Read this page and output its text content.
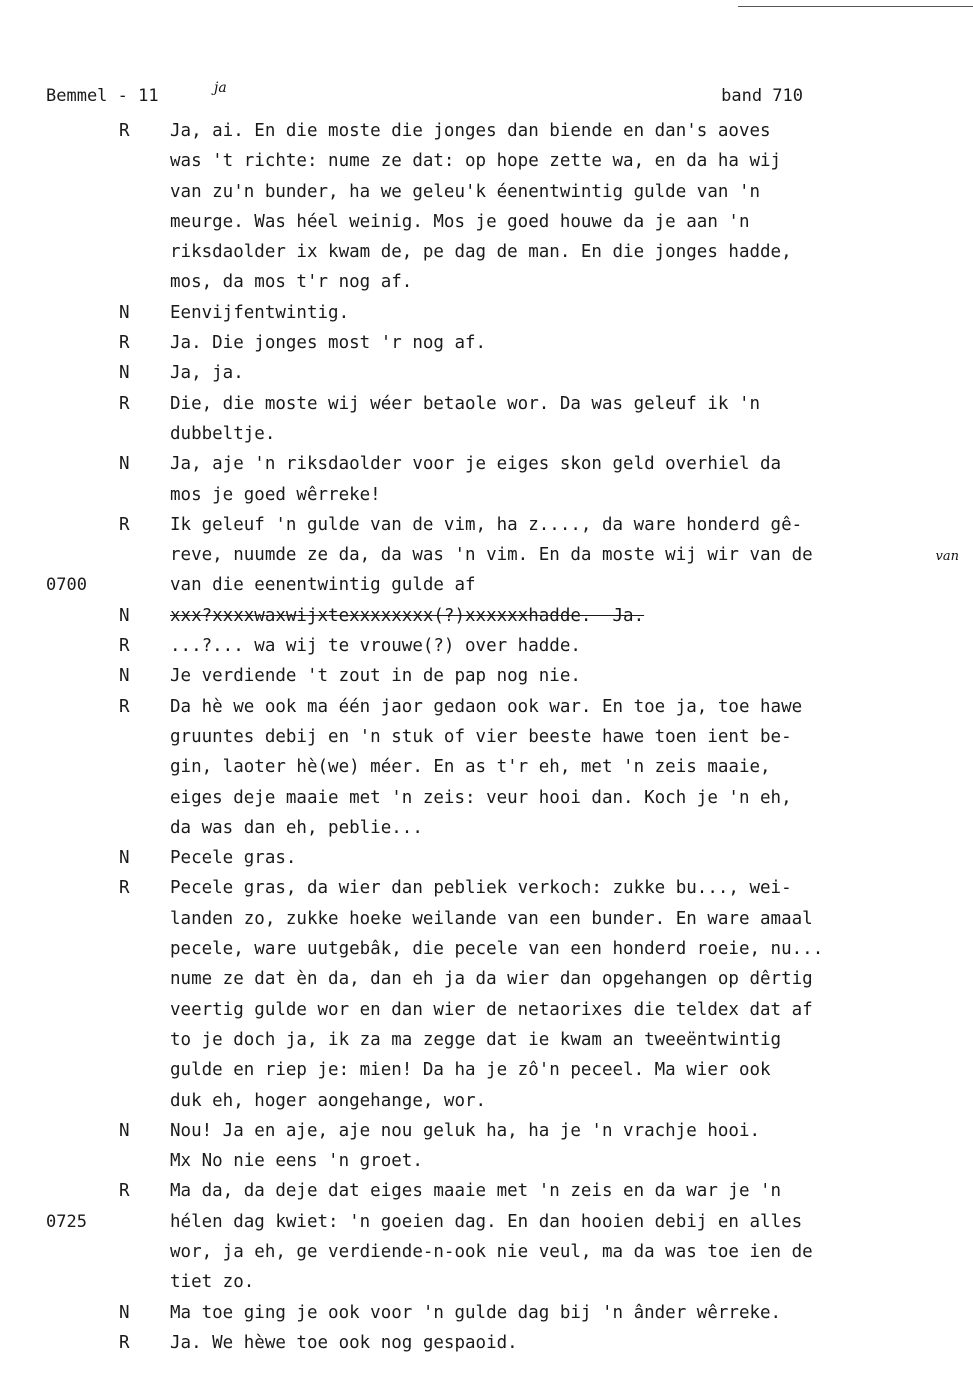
Bemmel - 11	ja	band 710
R Ja, ai. En die moste die jonges dan biende en dan's aoves
was 't richte: nume ze dat: op hope zette wa, en da ha wij
van zu'n bunder, ha we geleu'k éenentwintig gulde van 'n
meurge. Was héel weinig. Mos je goed houwe da je aan 'n
riksdaolder ix kwam de, pe dag de man. En die jonges hadde,
mos, da mos t'r nog af.
N Eenvijfentwintig.
R Ja. Die jonges most 'r nog af.
N Ja, ja.
R Die, die moste wij wéer betaole wor. Da was geleuf ik 'n
dubbeltje.
N Ja, aje 'n riksdaolder voor je eiges skon geld overhiel da
mos je goed wêrreke!
R Ik geleuf 'n gulde van de vim, ha z...., da ware honderd gê-
reve, nuumde ze da, da was 'n vim. En da moste wij wir van de	van
0700	van die eenentwintig gulde af
N xxx?xxxxwaxwijxtexxxxxxxx(?)xxxxxxhadde.  Ja.
R ...?... wa wij te vrouwe(?) over hadde.
N Je verdiende 't zout in de pap nog nie.
R Da hè we ook ma één jaor gedaon ook war. En toe ja, toe hawe
gruuntes debij en 'n stuk of vier beeste hawe toen ient be-
gin, laoter hè(we) méer. En as t'r eh, met 'n zeis maaie,
eiges deje maaie met 'n zeis: veur hooi dan. Koch je 'n eh,
da was dan eh, peblie...
N Pecele gras.
R Pecele gras, da wier dan pebliek verkoch: zukke bu..., wei-
landen zo, zukke hoeke weilande van een bunder. En ware amaal
pecele, ware uutgebâk, die pecele van een honderd roeie, nu...
nume ze dat èn da, dan eh ja da wier dan opgehangen op dêrtig
veertig gulde wor en dan wier de netaorixes die teldex dat af
to je doch ja, ik za ma zegge dat ie kwam an tweeëntwintig
gulde en riep je: mien! Da ha je zô'n peceel. Ma wier ook
duk eh, hoger aongehange, wor.
N Nou! Ja en aje, aje nou geluk ha, ha je 'n vrachje hooi.
Mx No nie eens 'n groet.
R Ma da, da deje dat eiges maaie met 'n zeis en da war je 'n
0725	hélen dag kwiet: 'n goeien dag. En dan hooien debij en alles
wor, ja eh, ge verdiende-n-ook nie veul, ma da was toe ien de
tiet zo.
N Ma toe ging je ook voor 'n gulde dag bij 'n ânder wêrreke.
R Ja. We hèwe toe ook nog gespaoid.
